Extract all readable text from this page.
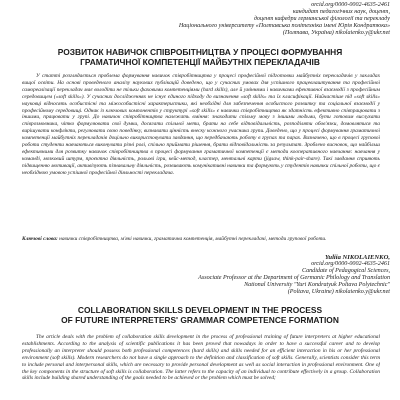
orcid.org/0000-0002-4635-2461
кандидат педагогічних наук, доцент,
доцент кафедри германської філології та перекладу
Національного університету «Полтавська політехніка імені Юрія Кондратюка»
(Полтава, Україна) nikolaienko.y@ukr.net
РОЗВИТОК НАВИЧОК СПІВРОБІТНИЦТВА У ПРОЦЕСІ ФОРМУВАННЯ
ГРАМАТИЧНОЇ КОМПЕТЕНЦІЇ МАЙБУТНІХ ПЕРЕКЛАДАЧІВ
У статті розглядається проблема формування навичок співробітництва у процесі професійної підготовки майбутніх перекладачів у закладах вищої освіти. На основі проведеного аналізу наукових публікацій доведено, що у сучасних умовах для успішного працевлаштування та професійної самореалізації перекладач має володіти не тільки фаховими компетенціями (hard skills), але й уміннями і навичками ефективної взаємодії з професійним середовищем («soft skills»). У сучасних дослідженнях не існує єдиного підходу до визначення «soft skills» та їх класифікації. Найчастіше під «soft skills» науковці відносять особистісні та міжособистісні характеристики, які необхідні для забезпечення особистого розвитку та соціальної взаємодії у професійному середовищі. Однак із ключових компонентів у структурі «soft skills» є навички співробітництва як здатність ефективно співпрацювати з іншими, працювати у групі. До навичок співробітництва належать вміння: знаходити спільну мову з іншими людьми, бути готовим вислухати співрозмовника, чітко формулювати свої думки, досягати спільної мети, брати на себе відповідальність, розподіляти обов'язки, домовлятися та вирішувати конфлікти, регулювати свою поведінку, визнавати цінність внеску кожного учасника групи. Доведено, що у процесі формування граматичної компетенції майбутніх перекладачів доцільно використовувати завдання, що передбачають роботу в групах та парах. Визначено, що в процесі групової роботи студенти навчаються виконувати різні ролі, спільно приймати рішення, брати відповідальність за результат. Зроблено висновок, що найбільш ефективними для розвитку навичок співробітництва в процесі формування граматичної компетенції є методи кооперативного навчання: навчання у команді, мозковий штурм, проєктна діяльність, рольові ігри, кейс-метод, кластер, ментальні карти (jigsaw, think-pair-share). Такі завдання сприяють підвищенню мотивації, активізують пізнавальну діяльність, розвивають комунікативні навички та формують у студентів навички спільної роботи, що є необхідною умовою успішної професійної діяльності перекладача.
Ключові слова: навички співробітництва, м'які навички, граматична компетенція, майбутні перекладачі, методи групової роботи.
Yuliia NIKOLAIENKO,
orcid.org/0000-0002-4635-2461
Candidate of Pedagogical Sciences,
Associate Professor at the Department of Germanic Philology and Translation
National University "Yuri Kondratyuk Poltava Polytechnic"
(Poltava, Ukraine) nikolaienko.y@ukr.net
COLLABORATION SKILLS DEVELOPMENT IN THE PROCESS
OF FUTURE INTERPRETERS' GRAMMAR COMPETENCE FORMATION
The article deals with the problem of collaboration skills development in the process of professional training of future interpreters at higher educational establishments. According to the analysis of scientific publications it has been proved that nowadays in order to have a successful career and to develop professionally an interpreter should possess both professional competences (hard skills) and skills needed for an efficient interaction in his or her professional environment (soft skills). Modern researchers do not have a single approach to the definition and classification of soft skills. Generally, scientists consider this term to include personal and interpersonal skills, which are necessary to provide personal development as well as social interaction in professional environment. One of the key components in the structure of soft skills is collaboration. The latter refers to the capacity of an individual to contribute effectively in a group. Collaboration skills include building shared understanding of the goals needed to be achieved or the problem which must be solved;
